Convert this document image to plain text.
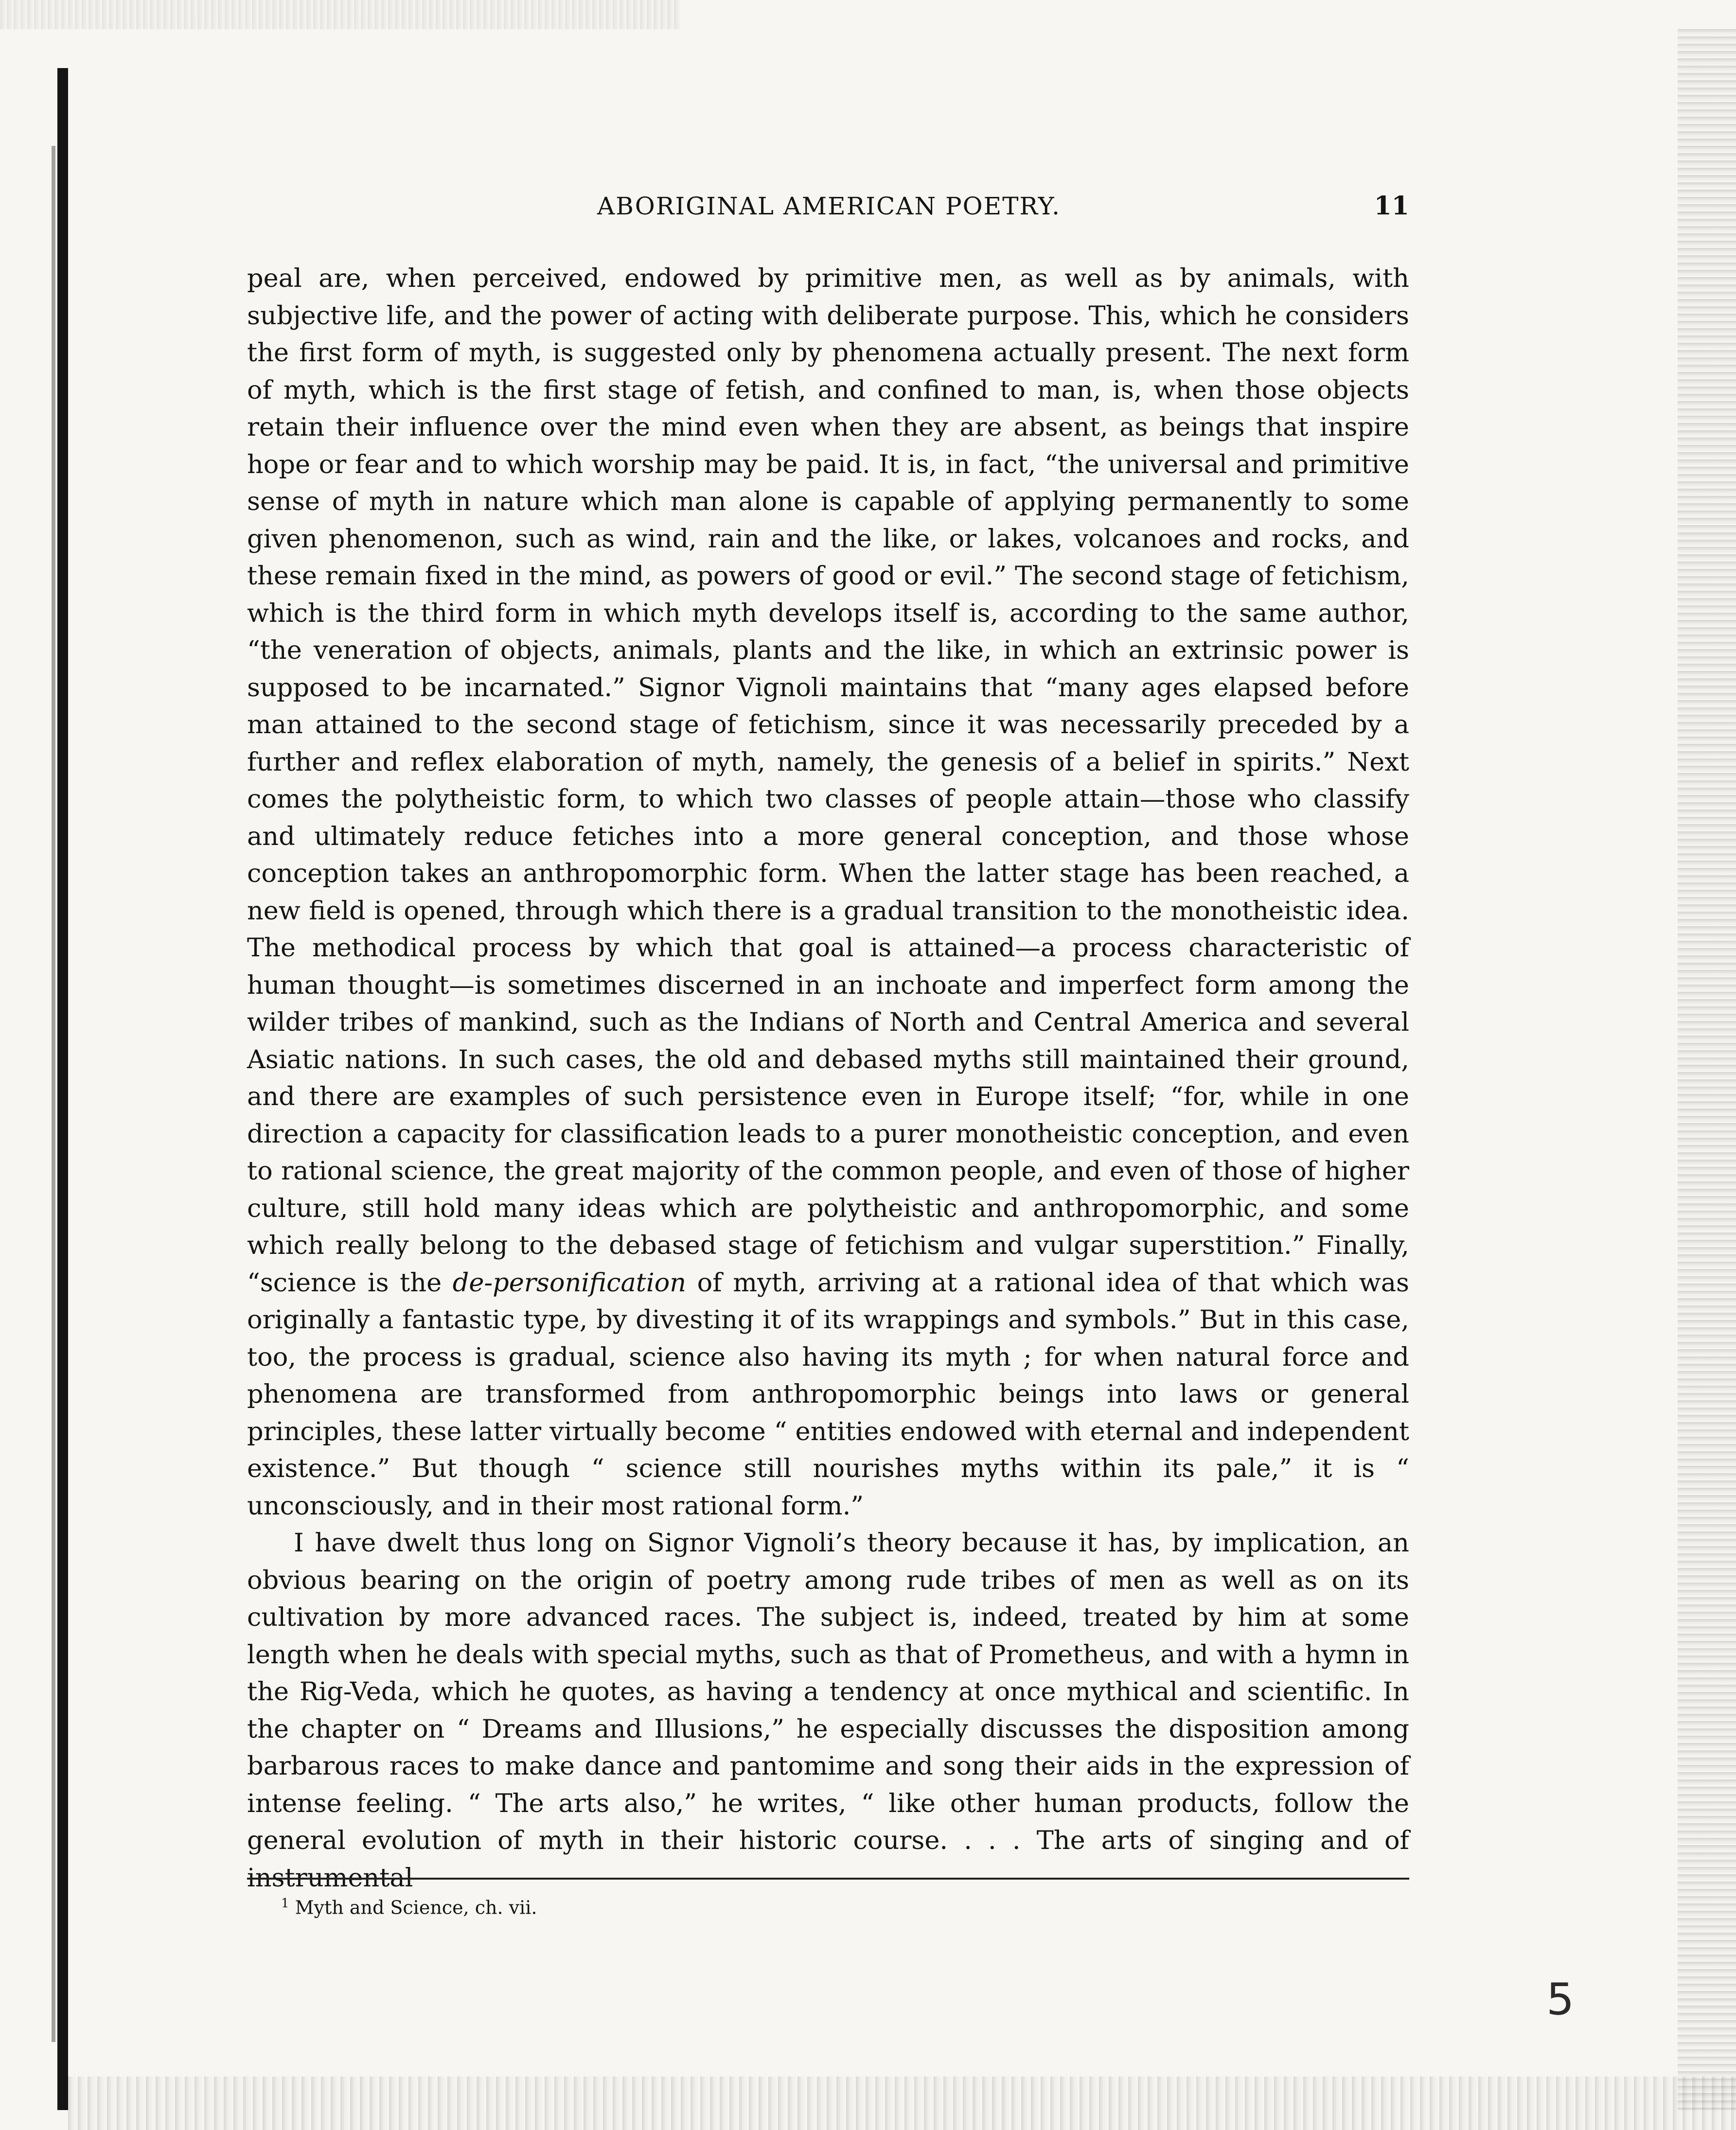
ABORIGINAL AMERICAN POETRY.	11

peal are, when perceived, endowed by primitive men, as well as by animals, with subjective life, and the power of acting with deliberate purpose. This, which he considers the first form of myth, is suggested only by phenomena actually present. The next form of myth, which is the first stage of fetish, and confined to man, is, when those objects retain their influence over the mind even when they are absent, as beings that inspire hope or fear and to which worship may be paid. It is, in fact, “the universal and primitive sense of myth in nature which man alone is capable of applying permanently to some given phenomenon, such as wind, rain and the like, or lakes, volcanoes and rocks, and these remain fixed in the mind, as powers of good or evil.” The second stage of fetichism, which is the third form in which myth develops itself is, according to the same author, “the veneration of objects, animals, plants and the like, in which an extrinsic power is supposed to be incarnated.” Signor Vignoli maintains that “many ages elapsed before man attained to the second stage of fetichism, since it was necessarily preceded by a further and reflex elaboration of myth, namely, the genesis of a belief in spirits.” Next comes the polytheistic form, to which two classes of people attain—those who classify and ultimately reduce fetiches into a more general conception, and those whose conception takes an anthropomorphic form. When the latter stage has been reached, a new field is opened, through which there is a gradual transition to the monotheistic idea. The methodical process by which that goal is attained—a process characteristic of human thought—is sometimes discerned in an inchoate and imperfect form among the wilder tribes of mankind, such as the Indians of North and Central America and several Asiatic nations. In such cases, the old and debased myths still maintained their ground, and there are examples of such persistence even in Europe itself; “for, while in one direction a capacity for classification leads to a purer monotheistic conception, and even to rational science, the great majority of the common people, and even of those of higher culture, still hold many ideas which are polytheistic and anthropomorphic, and some which really belong to the debased stage of fetichism and vulgar superstition.” Finally, “science is the de-personification of myth, arriving at a rational idea of that which was originally a fantastic type, by divesting it of its wrappings and symbols.” But in this case, too, the process is gradual, science also having its myth ; for when natural force and phenomena are transformed from anthropomorphic beings into laws or general principles, these latter virtually become “ entities endowed with eternal and independent existence.” But though “ science still nourishes myths within its pale,” it is “ unconsciously, and in their most rational form.”

I have dwelt thus long on Signor Vignoli’s theory because it has, by implication, an obvious bearing on the origin of poetry among rude tribes of men as well as on its cultivation by more advanced races. The subject is, indeed, treated by him at some length when he deals with special myths, such as that of Prometheus, and with a hymn in the Rig-Veda, which he quotes, as having a tendency at once mythical and scientific. In the chapter on “ Dreams and Illusions,” he especially discusses the disposition among barbarous races to make dance and pantomime and song their aids in the expression of intense feeling. “ The arts also,” he writes, “ like other human products, follow the general evolution of myth in their historic course. . . . The arts of singing and of instrumental

$^1$ Myth and Science, ch. vii.
5
